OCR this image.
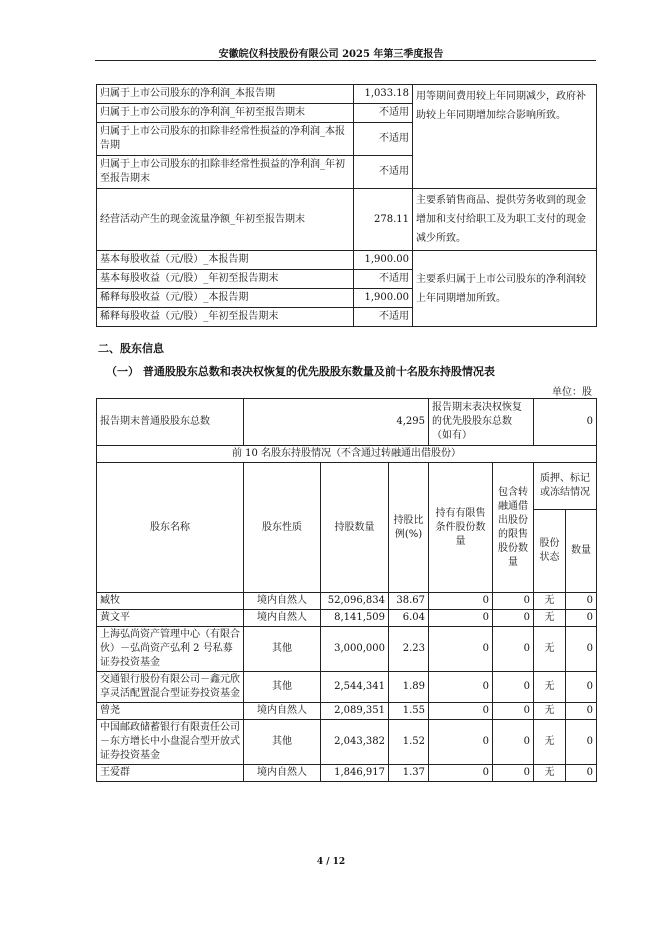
安徽皖仪科技股份有限公司 2025 年第三季度报告
归属于上市公司股东的净利润_本报告期	1,033.18	用等期间费用较上年同期减少，政府补助较上年同期增加综合影响所致。
归属于上市公司股东的净利润_年初至报告期末	不适用	
归属于上市公司股东的扣除非经常性损益的净利润_本报告期	不适用	
归属于上市公司股东的扣除非经常性损益的净利润_年初至报告期末	不适用	
经营活动产生的现金流量净额_年初至报告期末	278.11	主要系销售商品、提供劳务收到的现金增加和支付给职工及为职工支付的现金减少所致。
基本每股收益（元/股）_本报告期	1,900.00	主要系归属于上市公司股东的净利润较上年同期增加所致。
基本每股收益（元/股）_年初至报告期末	不适用	
稀释每股收益（元/股）_本报告期	1,900.00	
稀释每股收益（元/股）_年初至报告期末	不适用	
二、股东信息
（一） 普通股股东总数和表决权恢复的优先股股东数量及前十名股东持股情况表
单位：股
报告期末普通股股东总数	4,295			报告期末表决权恢复的优先股股东总数（如有）		0	
前 10 名股东持股情况（不含通过转融通出借股份）							
股东名称	股东性质	持股数量	持股比例(%)	持有有限售条件股份数量	包含转融通借出股份的限售股份数量	质押、标记或冻结情况	
						股份状态	数量
臧牧	境内自然人	52,096,834	38.67	0	0	无	0
黄文平	境内自然人	8,141,509	6.04	0	0	无	0
上海弘尚资产管理中心（有限合伙）－弘尚资产弘利 2 号私募证券投资基金	其他	3,000,000	2.23	0	0	无	0
交通银行股份有限公司－鑫元欣享灵活配置混合型证券投资基金	其他	2,544,341	1.89	0	0	无	0
曾尧	境内自然人	2,089,351	1.55	0	0	无	0
中国邮政储蓄银行有限责任公司－东方增长中小盘混合型开放式证券投资基金	其他	2,043,382	1.52	0	0	无	0
王爱群	境内自然人	1,846,917	1.37	0	0	无	0
4 / 12
